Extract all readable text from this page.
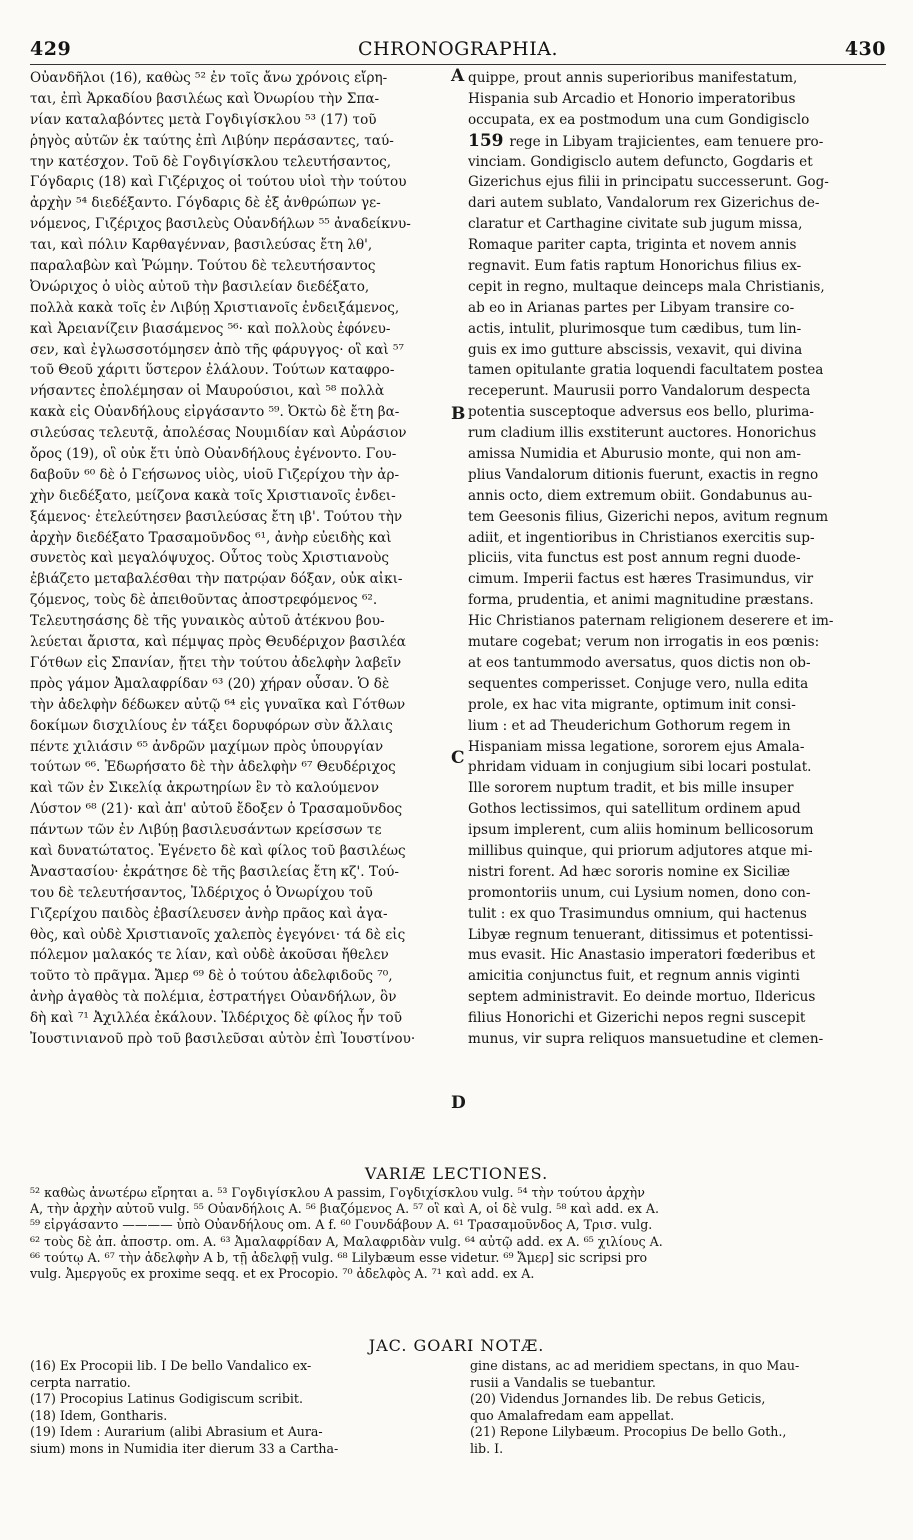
429	CHRONOGRAPHIA.	430
Οὐανδῆλοι (16), καθὼς ⁵² ἐν τοῖς ἄνω χρόνοις εἴρη-
ται, ἐπὶ Ἀρκαδίου βασιλέως καὶ Ὀνωρίου τὴν Σπα-
νίαν καταλαβόντες μετὰ Γογδιγίσκλου ⁵³ (17) τοῦ
ῥηγὸς αὐτῶν ἐκ ταύτης ἐπὶ Λιβύην περάσαντες, ταύ-
την κατέσχον. Τοῦ δὲ Γογδιγίσκλου τελευτήσαντος,
Γόγδαρις (18) καὶ Γιζέριχος οἱ τούτου υἱοὶ τὴν τούτου
ἀρχὴν ⁵⁴ διεδέξαντο. Γόγδαρις δὲ ἐξ ἀνθρώπων γε-
νόμενος, Γιζέριχος βασιλεὺς Οὐανδήλων ⁵⁵ ἀναδείκνυ-
ται, καὶ πόλιν Καρθαγένναν, βασιλεύσας ἔτη λθ',
παραλαβὼν καὶ Ῥώμην. Τούτου δὲ τελευτήσαντος
Ὀνώριχος ὁ υἱὸς αὐτοῦ τὴν βασιλείαν διεδέξατο,
πολλὰ κακὰ τοῖς ἐν Λιβύῃ Χριστιανοῖς ἐνδειξάμενος,
καὶ Ἀρειανίζειν βιασάμενος ⁵⁶· καὶ πολλοὺς ἐφόνευ-
σεν, καὶ ἐγλωσσοτόμησεν ἀπὸ τῆς φάρυγγος· οἳ καὶ ⁵⁷
τοῦ Θεοῦ χάριτι ὕστερον ἐλάλουν. Τούτων καταφρο-
νήσαντες ἐπολέμησαν οἱ Μαυρούσιοι, καὶ ⁵⁸ πολλὰ
κακὰ εἰς Οὐανδήλους εἰργάσαντο ⁵⁹. Ὀκτὼ δὲ ἔτη βα-
σιλεύσας τελευτᾷ, ἀπολέσας Νουμιδίαν καὶ Αὐράσιον
ὄρος (19), οἳ οὐκ ἔτι ὑπὸ Οὐανδήλους ἐγένοντο. Γου-
δαβοῦν ⁶⁰ δὲ ὁ Γεήσωνος υἱὸς, υἱοῦ Γιζερίχου τὴν ἀρ-
χὴν διεδέξατο, μείζονα κακὰ τοῖς Χριστιανοῖς ἐνδει-
ξάμενος· ἐτελεύτησεν βασιλεύσας ἔτη ιβ'. Τούτου τὴν
ἀρχὴν διεδέξατο Τρασαμοῦνδος ⁶¹, ἀνὴρ εὐειδὴς καὶ
συνετὸς καὶ μεγαλόψυχος. Οὗτος τοὺς Χριστιανοὺς
ἐβιάζετο μεταβαλέσθαι τὴν πατρῴαν δόξαν, οὐκ αἰκι-
ζόμενος, τοὺς δὲ ἀπειθοῦντας ἀποστρεφόμενος ⁶².
Τελευτησάσης δὲ τῆς γυναικὸς αὐτοῦ ἀτέκνου βου-
λεύεται ἄριστα, καὶ πέμψας πρὸς Θευδέριχον βασιλέα
Γότθων εἰς Σπανίαν, ᾔτει τὴν τούτου ἀδελφὴν λαβεῖν
πρὸς γάμον Ἀμαλαφρίδαν ⁶³ (20) χήραν οὖσαν. Ὁ δὲ
τὴν ἀδελφὴν δέδωκεν αὐτῷ ⁶⁴ εἰς γυναῖκα καὶ Γότθων
δοκίμων δισχιλίους ἐν τάξει δορυφόρων σὺν ἄλλαις
πέντε χιλιάσιν ⁶⁵ ἀνδρῶν μαχίμων πρὸς ὑπουργίαν
τούτων ⁶⁶. Ἐδωρήσατο δὲ τὴν ἀδελφὴν ⁶⁷ Θευδέριχος
καὶ τῶν ἐν Σικελίᾳ ἀκρωτηρίων ἓν τὸ καλούμενον
Λύστον ⁶⁸ (21)· καὶ ἀπ' αὐτοῦ ἔδοξεν ὁ Τρασαμοῦνδος
πάντων τῶν ἐν Λιβύῃ βασιλευσάντων κρείσσων τε
καὶ δυνατώτατος. Ἐγένετο δὲ καὶ φίλος τοῦ βασιλέως
Ἀναστασίου· ἐκράτησε δὲ τῆς βασιλείας ἔτη κζ'. Τού-
του δὲ τελευτήσαντος, Ἰλδέριχος ὁ Ὀνωρίχου τοῦ
Γιζερίχου παιδὸς ἐβασίλευσεν ἀνὴρ πρᾶος καὶ ἀγα-
θὸς, καὶ οὐδὲ Χριστιανοῖς χαλεπὸς ἐγεγόνει· τά δὲ εἰς
πόλεμον μαλακός τε λίαν, καὶ οὐδὲ ἀκοῦσαι ἤθελεν
τοῦτο τὸ πρᾶγμα. Ἄμερ ⁶⁹ δὲ ὁ τούτου ἀδελφιδοῦς ⁷⁰,
ἀνὴρ ἀγαθὸς τὰ πολέμια, ἐστρατήγει Οὐανδήλων, ὃν
δὴ καὶ ⁷¹ Ἀχιλλέα ἐκάλουν. Ἰλδέριχος δὲ φίλος ἦν τοῦ
Ἰουστινιανοῦ πρὸ τοῦ βασιλεῦσαι αὐτὸν ἐπὶ Ἰουστίνου·
quippe, prout annis superioribus manifestatum,
Hispania sub Arcadio et Honorio imperatoribus
occupata, ex ea postmodum una cum Gondigisclo
159 rege in Libyam trajicientes, eam tenuere pro-
vinciam. Gondigisclo autem defuncto, Gogdaris et
Gizerichus ejus filii in principatu successerunt. Gog-
dari autem sublato, Vandalorum rex Gizerichus de-
claratur et Carthagine civitate sub jugum missa,
Romaque pariter capta, triginta et novem annis
regnavit. Eum fatis raptum Honorichus filius ex-
cepit in regno, multaque deinceps mala Christianis,
ab eo in Arianas partes per Libyam transire co-
actis, intulit, plurimosque tum cædibus, tum lin-
guis ex imo gutture abscissis, vexavit, qui divina
tamen opitulante gratia loquendi facultatem postea
receperunt. Maurusii porro Vandalorum despecta
potentia susceptoque adversus eos bello, plurima-
rum cladium illis exstiterunt auctores. Honorichus
amissa Numidia et Aburusio monte, qui non am-
plius Vandalorum ditionis fuerunt, exactis in regno
annis octo, diem extremum obiit. Gondabunus au-
tem Geesonis filius, Gizerichi nepos, avitum regnum
adiit, et ingentioribus in Christianos exercitis sup-
pliciis, vita functus est post annum regni duode-
cimum. Imperii factus est hæres Trasimundus, vir
forma, prudentia, et animi magnitudine præstans.
Hic Christianos paternam religionem deserere et im-
mutare cogebat; verum non irrogatis in eos pœnis:
at eos tantummodo aversatus, quos dictis non ob-
sequentes comperisset. Conjuge vero, nulla edita
prole, ex hac vita migrante, optimum init consi-
lium : et ad Theuderichum Gothorum regem in
Hispaniam missa legatione, sororem ejus Amala-
phridam viduam in conjugium sibi locari postulat.
Ille sororem nuptum tradit, et bis mille insuper
Gothos lectissimos, qui satellitum ordinem apud
ipsum implerent, cum aliis hominum bellicosorum
millibus quinque, qui priorum adjutores atque mi-
nistri forent. Ad hæc sororis nomine ex Siciliæ
promontoriis unum, cui Lysium nomen, dono con-
tulit : ex quo Trasimundus omnium, qui hactenus
Libyæ regnum tenuerant, ditissimus et potentissi-
mus evasit. Hic Anastasio imperatori fœderibus et
amicitia conjunctus fuit, et regnum annis viginti
septem administravit. Eo deinde mortuo, Ildericus
filius Honorichi et Gizerichi nepos regni suscepit
munus, vir supra reliquos mansuetudine et clemen-
A
B
C
D
VARIÆ LECTIONES.
⁵² καθὼς ἀνωτέρω εἴρηται a. ⁵³ Γογδιγίσκλου A passim, Γογδιχίσκλου vulg. ⁵⁴ τὴν τούτου ἀρχὴν
A, τὴν ἀρχὴν αὐτοῦ vulg. ⁵⁵ Οὐανδήλοις A. ⁵⁶ βιαζόμενος A. ⁵⁷ οἳ καὶ A, οἱ δὲ vulg. ⁵⁸ καὶ add. ex A.
⁵⁹ εἰργάσαντο ———— ὑπὸ Οὐανδήλους om. A f. ⁶⁰ Γουνδάβουν A. ⁶¹ Τρασαμοῦνδος A, Τρισ. vulg.
⁶² τοὺς δὲ ἀπ. ἀποστρ. om. A. ⁶³ Ἀμαλαφρίδαν A, Μαλαφριδὰν vulg. ⁶⁴ αὐτῷ add. ex A. ⁶⁵ χιλίους A.
⁶⁶ τούτῳ A. ⁶⁷ τὴν ἀδελφὴν A b, τῇ ἀδελφῇ vulg. ⁶⁸ Lilybæum esse videtur. ⁶⁹ Ἄμερ] sic scripsi pro
vulg. Ἀμεργοῦς ex proxime seqq. et ex Procopio. ⁷⁰ ἀδελφὸς A. ⁷¹ καὶ add. ex A.
JAC. GOARI NOTÆ.
(16) Ex Procopii lib. I De bello Vandalico ex-
cerpta narratio.
(17) Procopius Latinus Godigiscum scribit.
(18) Idem, Gontharis.
(19) Idem : Aurarium (alibi Abrasium et Aura-
sium) mons in Numidia iter dierum 33 a Cartha-
gine distans, ac ad meridiem spectans, in quo Mau-
rusii a Vandalis se tuebantur.
(20) Videndus Jornandes lib. De rebus Geticis,
quo Amalafredam eam appellat.
(21) Repone Lilybæum. Procopius De bello Goth.,
lib. I.
